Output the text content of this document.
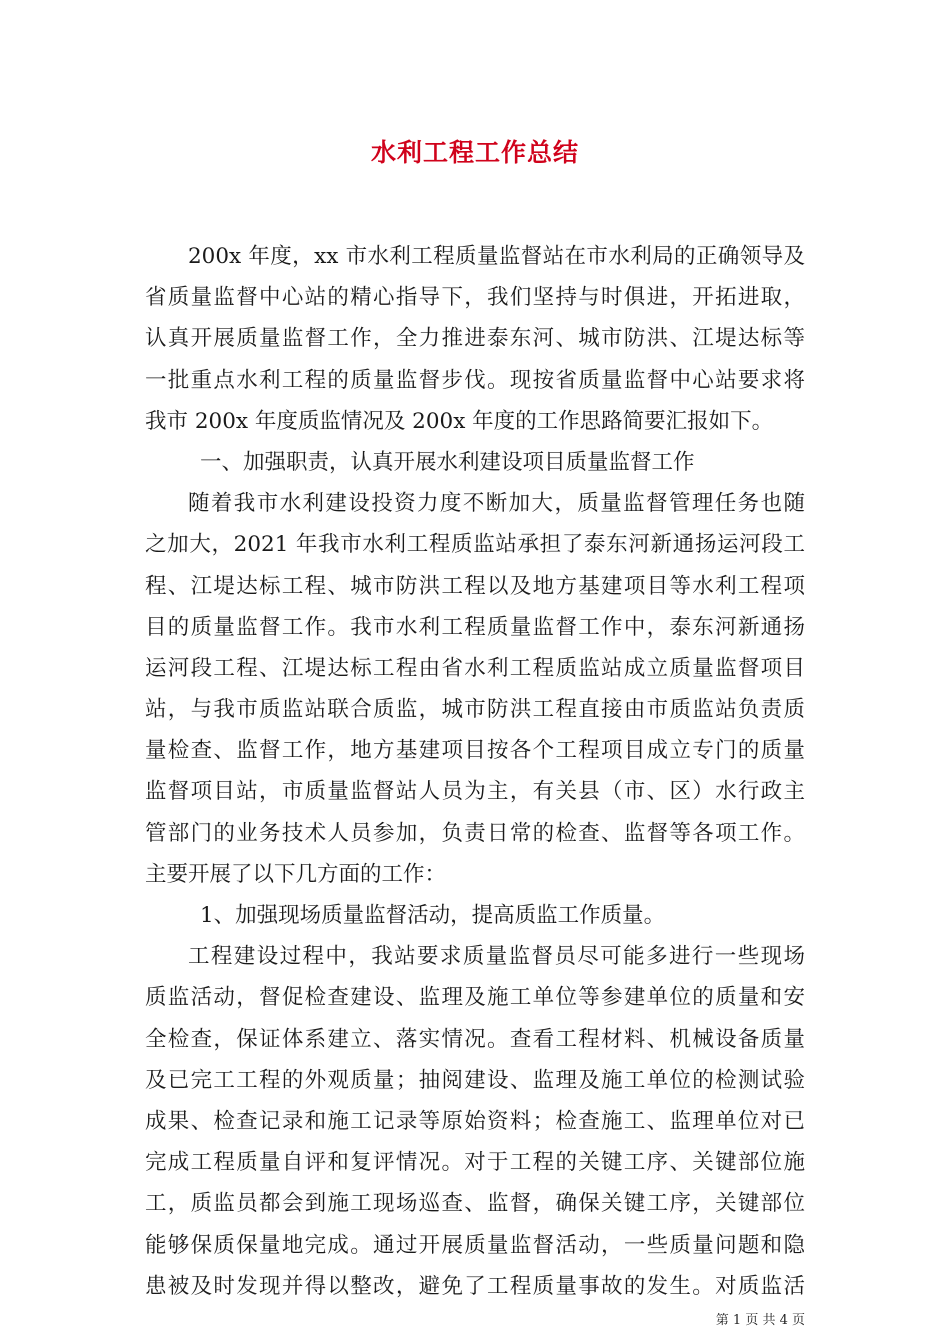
水利工程工作总结
200x 年度，xx 市水利工程质量监督站在市水利局的正确领导及
省质量监督中心站的精心指导下，我们坚持与时俱进，开拓进取，
认真开展质量监督工作，全力推进泰东河、城市防洪、江堤达标等
一批重点水利工程的质量监督步伐。现按省质量监督中心站要求将
我市 200x 年度质监情况及 200x 年度的工作思路简要汇报如下。
一、加强职责，认真开展水利建设项目质量监督工作
随着我市水利建设投资力度不断加大，质量监督管理任务也随
之加大，2021 年我市水利工程质监站承担了泰东河新通扬运河段工
程、江堤达标工程、城市防洪工程以及地方基建项目等水利工程项
目的质量监督工作。我市水利工程质量监督工作中，泰东河新通扬
运河段工程、江堤达标工程由省水利工程质监站成立质量监督项目
站，与我市质监站联合质监，城市防洪工程直接由市质监站负责质
量检查、监督工作，地方基建项目按各个工程项目成立专门的质量
监督项目站，市质量监督站人员为主，有关县（市、区）水行政主
管部门的业务技术人员参加，负责日常的检查、监督等各项工作。
主要开展了以下几方面的工作：
1、加强现场质量监督活动，提高质监工作质量。
工程建设过程中，我站要求质量监督员尽可能多进行一些现场
质监活动，督促检查建设、监理及施工单位等参建单位的质量和安
全检查，保证体系建立、落实情况。查看工程材料、机械设备质量
及已完工工程的外观质量；抽阅建设、监理及施工单位的检测试验
成果、检查记录和施工记录等原始资料；检查施工、监理单位对已
完成工程质量自评和复评情况。对于工程的关键工序、关键部位施
工，质监员都会到施工现场巡查、监督，确保关键工序，关键部位
能够保质保量地完成。通过开展质量监督活动，一些质量问题和隐
患被及时发现并得以整改，避免了工程质量事故的发生。对质监活
第 1 页 共 4 页
